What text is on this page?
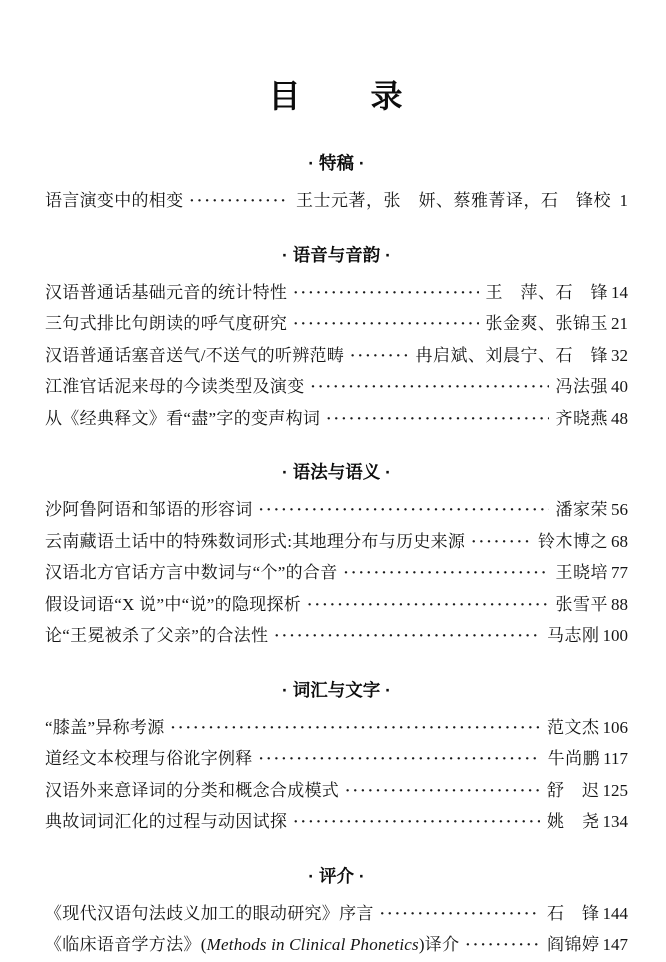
目　　录
· 特稿 ·
语言演变中的相变 ·····	王士元著，张　妍、蔡雅菁译，石　锋校 1
· 语音与音韵 ·
汉语普通话基础元音的统计特性 ·····	王　萍、石　锋 14
三句式排比句朗读的呼气度研究 ·····	张金爽、张锦玉 21
汉语普通话塞音送气/不送气的听辨范畴 ·····	冉启斌、刘晨宁、石　锋 32
江淮官话泥来母的今读类型及演变 ·····	冯法强 40
从《经典释文》看“盡”字的变声构词 ·····	齐晓燕 48
· 语法与语义 ·
沙阿鲁阿语和邹语的形容词 ·····	潘家荣 56
云南藏语土话中的特殊数词形式:其地理分布与历史来源 ·····	铃木博之 68
汉语北方官话方言中数词与“个”的合音 ·····	王晓培 77
假设词语“X 说”中“说”的隐现探析 ·····	张雪平 88
论“王冕被杀了父亲”的合法性 ·····	马志刚 100
· 词汇与文字 ·
“膝盖”异称考源 ·····	范文杰 106
道经文本校理与俗讹字例释 ·····	牛尚鹏 117
汉语外来意译词的分类和概念合成模式 ·····	舒　迟 125
典故词词汇化的过程与动因试探 ·····	姚　尧 134
· 评介 ·
《现代汉语句法歧义加工的眼动研究》序言 ·····	石　锋 144
《临床语音学方法》(Methods in Clinical Phonetics)译介 ·····	阎锦婷 147
